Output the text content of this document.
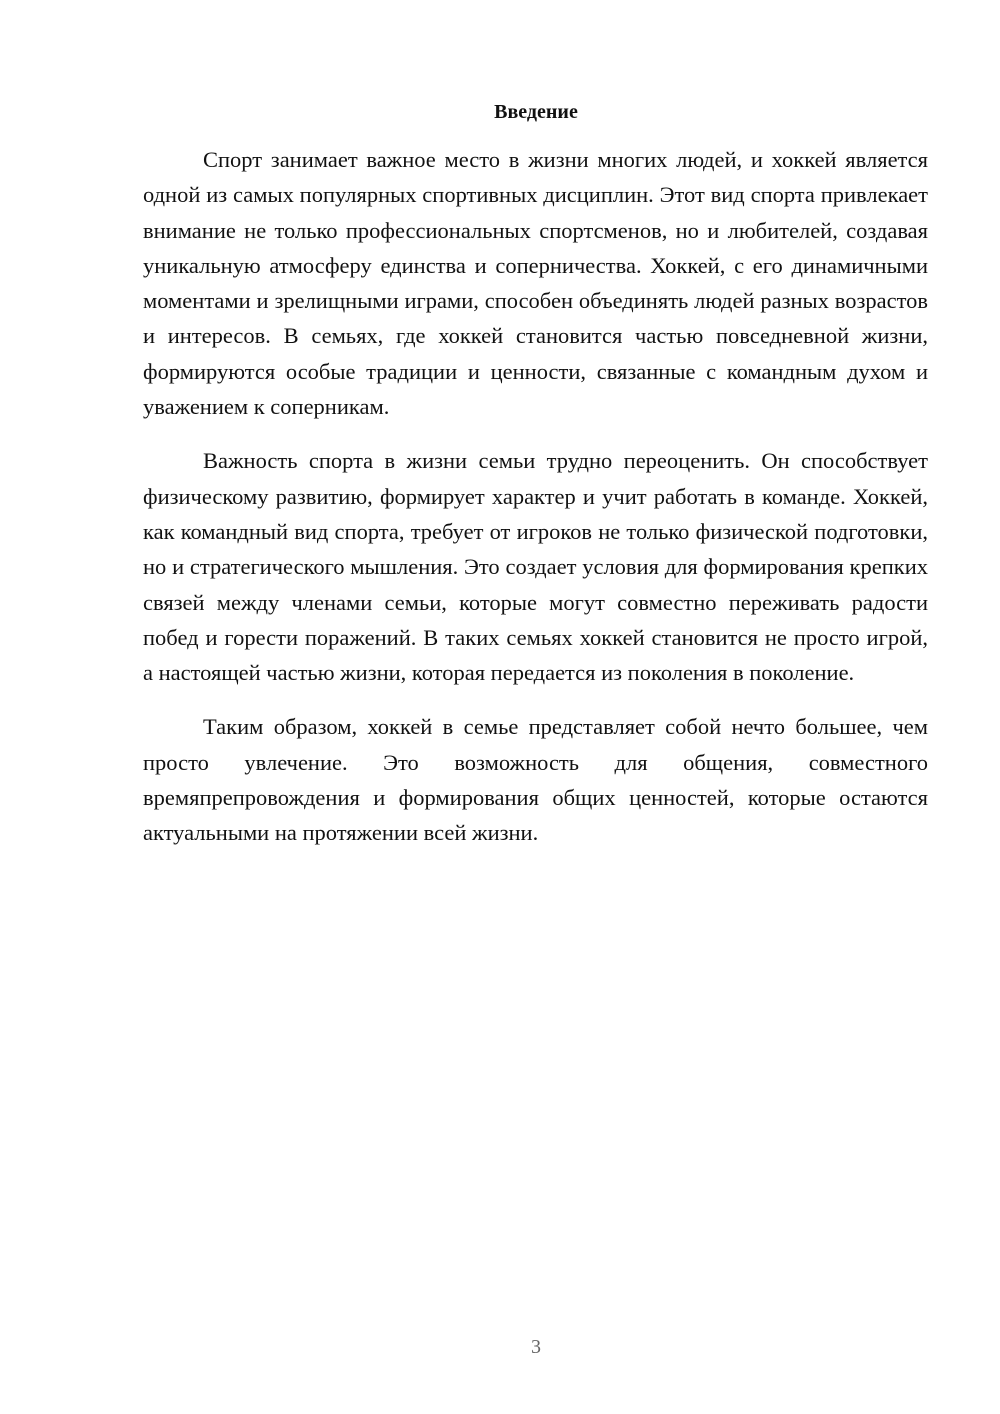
Введение

Спорт занимает важное место в жизни многих людей, и хоккей является одной из самых популярных спортивных дисциплин. Этот вид спорта привлекает внимание не только профессиональных спортсменов, но и любителей, создавая уникальную атмосферу единства и соперничества. Хоккей, с его динамичными моментами и зрелищными играми, способен объединять людей разных возрастов и интересов. В семьях, где хоккей становится частью повседневной жизни, формируются особые традиции и ценности, связанные с командным духом и уважением к соперникам.

Важность спорта в жизни семьи трудно переоценить. Он способствует физическому развитию, формирует характер и учит работать в команде. Хоккей, как командный вид спорта, требует от игроков не только физической подготовки, но и стратегического мышления. Это создает условия для формирования крепких связей между членами семьи, которые могут совместно переживать радости побед и горести поражений. В таких семьях хоккей становится не просто игрой, а настоящей частью жизни, которая передается из поколения в поколение.

Таким образом, хоккей в семье представляет собой нечто большее, чем просто увлечение. Это возможность для общения, совместного времяпрепровождения и формирования общих ценностей, которые остаются актуальными на протяжении всей жизни.

3
